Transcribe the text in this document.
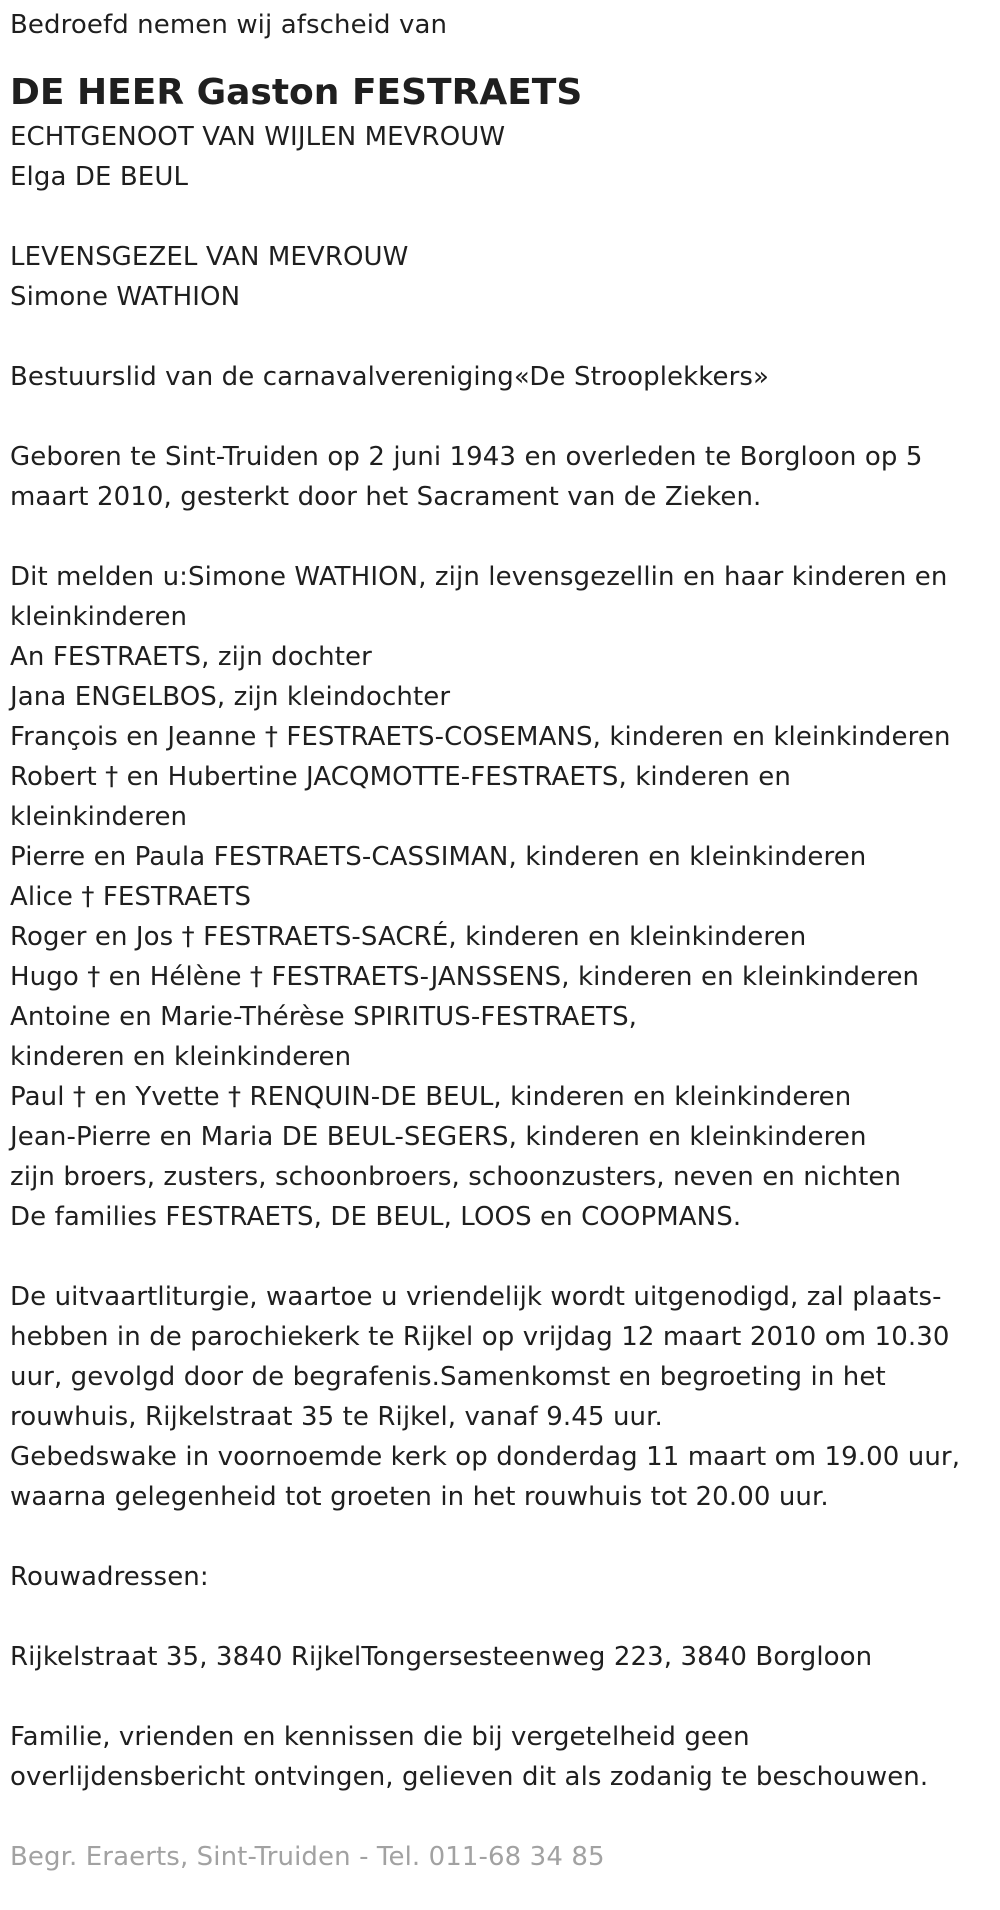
Bedroefd nemen wij afscheid van
DE HEER Gaston FESTRAETS
ECHTGENOOT VAN WIJLEN MEVROUW
Elga DE BEUL
LEVENSGEZEL VAN MEVROUW
Simone WATHION
Bestuurslid van de carnavalvereniging«De Strooplekkers»
Geboren te Sint-Truiden op 2 juni 1943 en overleden te Borgloon op 5
maart 2010, gesterkt door het Sacrament van de Zieken.
Dit melden u:Simone WATHION, zijn levensgezellin en haar kinderen en
kleinkinderen
An FESTRAETS, zijn dochter
Jana ENGELBOS, zijn kleindochter
François en Jeanne † FESTRAETS-COSEMANS, kinderen en kleinkinderen
Robert † en Hubertine JACQMOTTE-FESTRAETS, kinderen en
kleinkinderen
Pierre en Paula FESTRAETS-CASSIMAN, kinderen en kleinkinderen
Alice † FESTRAETS
Roger en Jos † FESTRAETS-SACRÉ, kinderen en kleinkinderen
Hugo † en Hélène † FESTRAETS-JANSSENS, kinderen en kleinkinderen
Antoine en Marie-Thérèse SPIRITUS-FESTRAETS,
kinderen en kleinkinderen
Paul † en Yvette † RENQUIN-DE BEUL, kinderen en kleinkinderen
Jean-Pierre en Maria DE BEUL-SEGERS, kinderen en kleinkinderen
zijn broers, zusters, schoonbroers, schoonzusters, neven en nichten
De families FESTRAETS, DE BEUL, LOOS en COOPMANS.
De uitvaartliturgie, waartoe u vriendelijk wordt uitgenodigd, zal plaats-
hebben in de parochiekerk te Rijkel op vrijdag 12 maart 2010 om 10.30
uur, gevolgd door de begrafenis.Samenkomst en begroeting in het
rouwhuis, Rijkelstraat 35 te Rijkel, vanaf 9.45 uur.
Gebedswake in voornoemde kerk op donderdag 11 maart om 19.00 uur,
waarna gelegenheid tot groeten in het rouwhuis tot 20.00 uur.
Rouwadressen:
Rijkelstraat 35, 3840 RijkelTongersesteenweg 223, 3840 Borgloon
Familie, vrienden en kennissen die bij vergetelheid geen
overlijdensbericht ontvingen, gelieven dit als zodanig te beschouwen.
Begr. Eraerts, Sint-Truiden - Tel. 011-68 34 85
